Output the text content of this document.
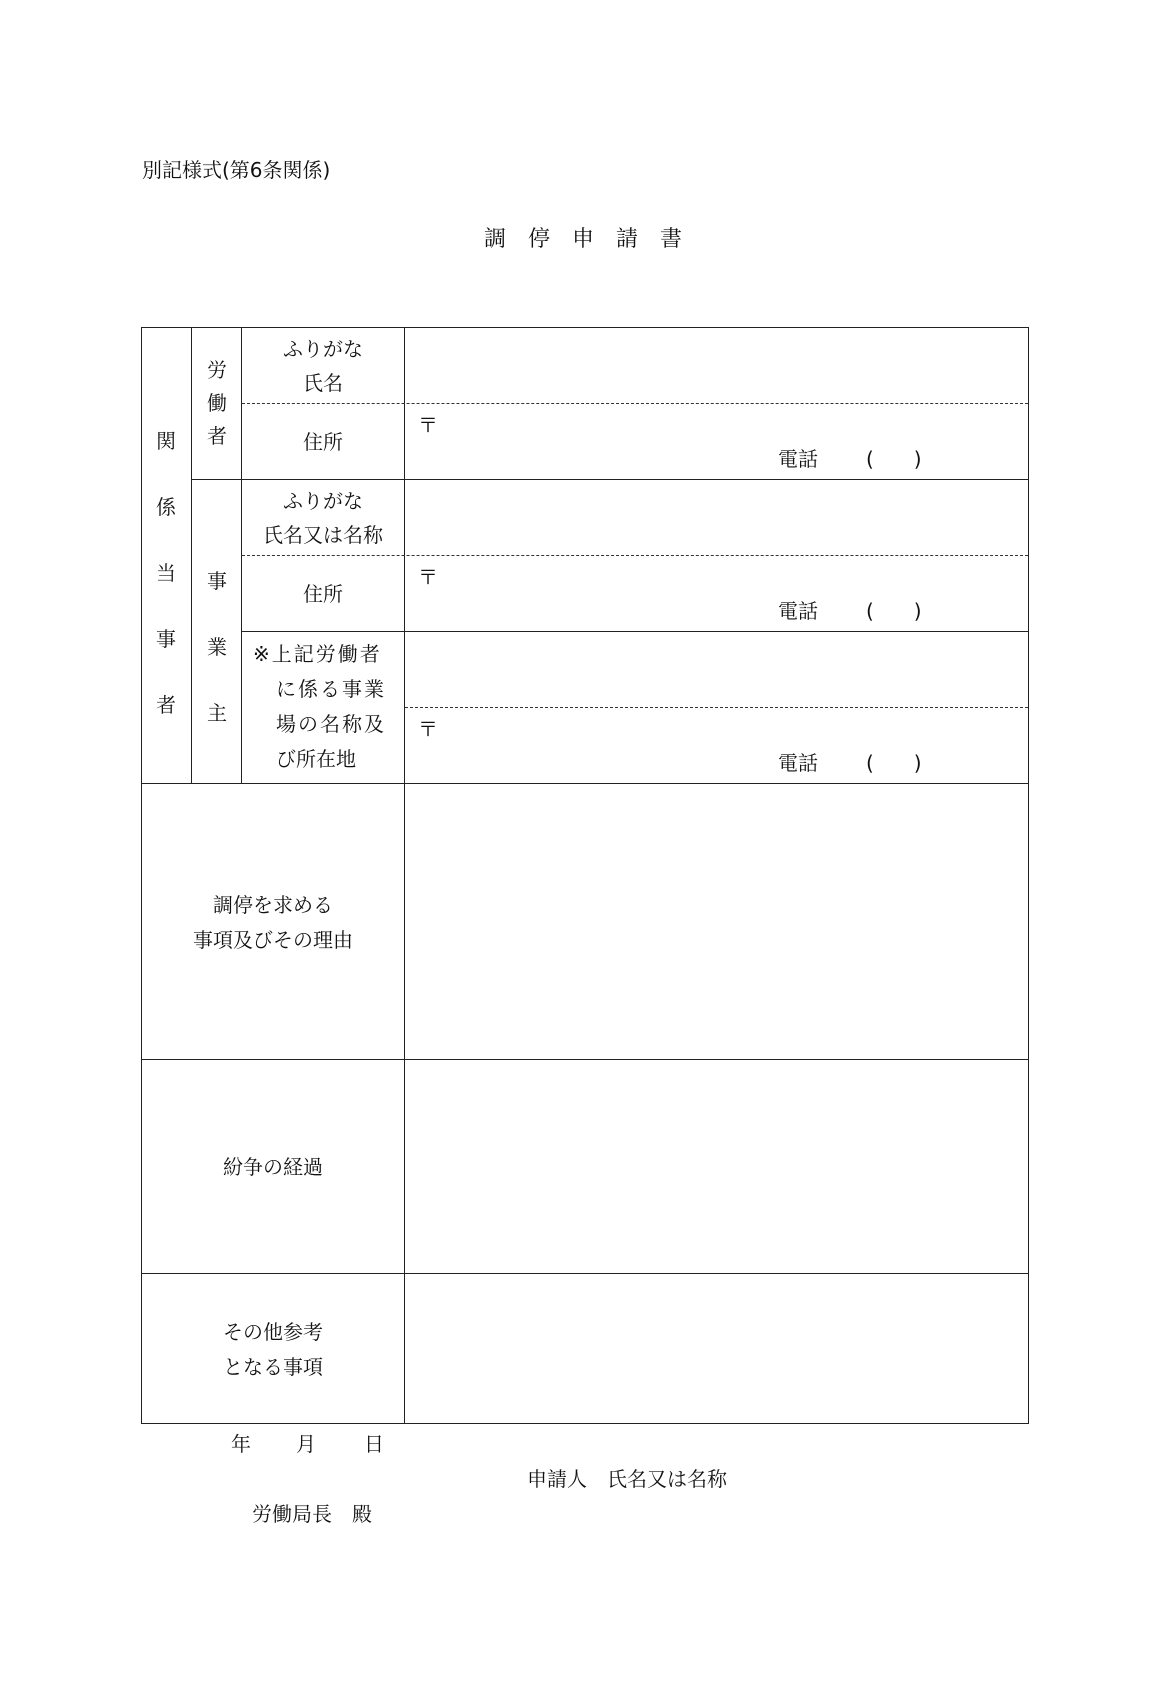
別記様式(第6条関係)
調　停　申　請　書
関
係
当
事
者
労
働
者
事
業
主
ふりがな
氏名
住所
〒
電話 (　　)
ふりがな
氏名又は名称
住所
〒
電話 (　　)
※上記労働者
に係る事業
場の名称及
び所在地
〒
電話 (　　)
調停を求める
事項及びその理由
紛争の経過
その他参考
となる事項
年 月 日
申請人　氏名又は名称
労働局長　殿
